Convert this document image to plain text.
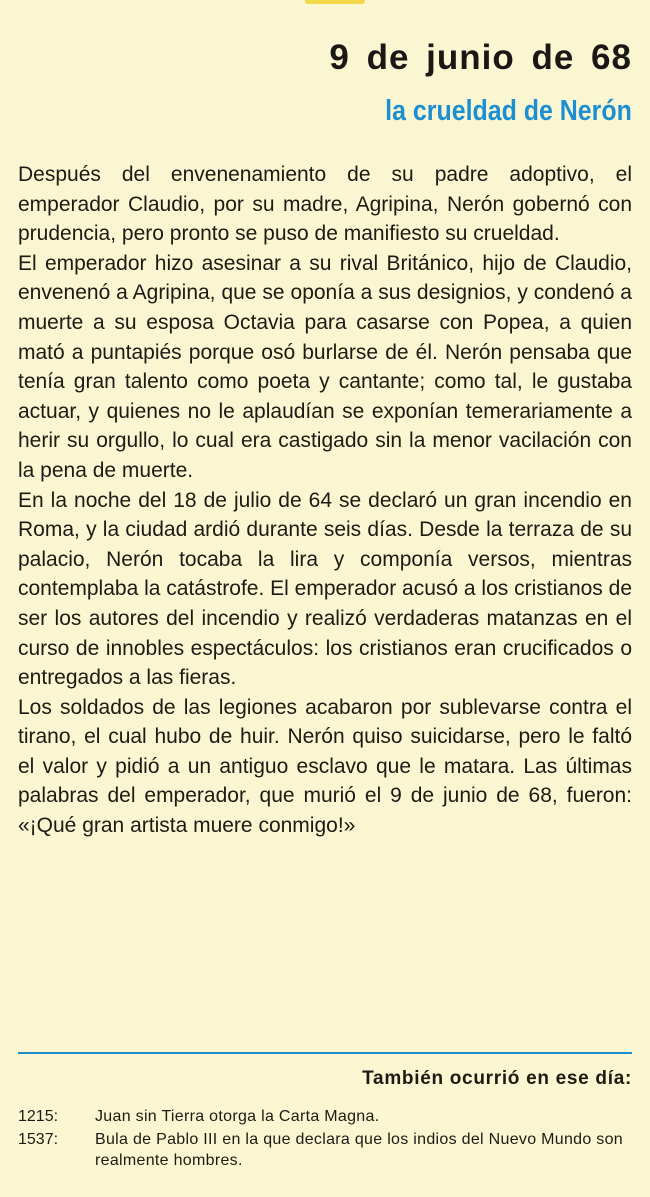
9 de junio de 68
la crueldad de Nerón

Después del envenenamiento de su padre adoptivo, el emperador Claudio, por su madre, Agripina, Nerón gobernó con prudencia, pero pronto se puso de manifiesto su crueldad.

El emperador hizo asesinar a su rival Británico, hijo de Claudio, envenenó a Agripina, que se oponía a sus designios, y condenó a muerte a su esposa Octavia para casarse con Popea, a quien mató a puntapiés porque osó burlarse de él. Nerón pensaba que tenía gran talento como poeta y cantante; como tal, le gustaba actuar, y quienes no le aplaudían se exponían temerariamente a herir su orgullo, lo cual era castigado sin la menor vacilación con la pena de muerte.

En la noche del 18 de julio de 64 se declaró un gran incendio en Roma, y la ciudad ardió durante seis días. Desde la terraza de su palacio, Nerón tocaba la lira y componía versos, mientras contemplaba la catástrofe. El emperador acusó a los cristianos de ser los autores del incendio y realizó verdaderas matanzas en el curso de innobles espectáculos: los cristianos eran crucificados o entregados a las fieras.

Los soldados de las legiones acabaron por sublevarse contra el tirano, el cual hubo de huir. Nerón quiso suicidarse, pero le faltó el valor y pidió a un antiguo esclavo que le matara. Las últimas palabras del emperador, que murió el 9 de junio de 68, fueron: «¡Qué gran artista muere conmigo!»

También ocurrió en ese día:
1215:	Juan sin Tierra otorga la Carta Magna.
1537:	Bula de Pablo III en la que declara que los indios del Nuevo Mundo son realmente hombres.
